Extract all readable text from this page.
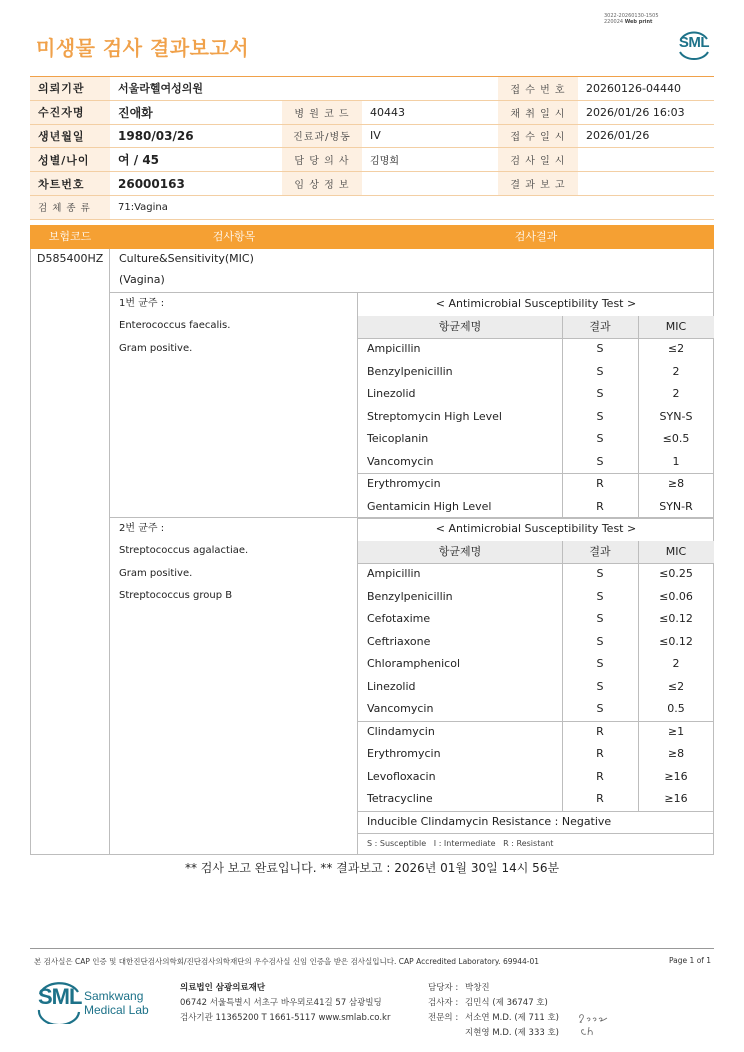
3022-20260130-1505
220024 Web print
미생물 검사 결과보고서	SML
의뢰기관	서울라헬여성의원			접 수 번 호	20260126-04440
수진자명	진애화	병 원 코 드	40443	채 취 일 시	2026/01/26 16:03
생년월일	1980/03/26	진료과/병동	IV	접 수 일 시	2026/01/26
성별/나이	여 / 45	담 당 의 사	김명희	검 사 일 시	
차트번호	26000163	임 상 정 보		결 과 보 고	
검 체 종 류	71:Vagina				
보험코드	검사항목	검사결과
D585400HZ Culture&Sensitivity(MIC)
(Vagina)
1번 균주 :
Enterococcus faecalis.
Gram positive.
2번 균주 :
Streptococcus agalactiae.
Gram positive.
Streptococcus group B
< Antimicrobial Susceptibility Test >
항균제명	결과	MIC
Ampicillin	S	≤2
Benzylpenicillin	S	2
Linezolid	S	2
Streptomycin High Level	S	SYN-S
Teicoplanin	S	≤0.5
Vancomycin	S	1
Erythromycin	R	≥8
Gentamicin High Level	R	SYN-R
< Antimicrobial Susceptibility Test >
항균제명	결과	MIC
Ampicillin	S	≤0.25
Benzylpenicillin	S	≤0.06
Cefotaxime	S	≤0.12
Ceftriaxone	S	≤0.12
Chloramphenicol	S	2
Linezolid	S	≤2
Vancomycin	S	0.5
Clindamycin	R	≥1
Erythromycin	R	≥8
Levofloxacin	R	≥16
Tetracycline	R	≥16
Inducible Clindamycin Resistance : Negative
S : Susceptible   I : Intermediate   R : Resistant
** 검사 보고 완료입니다. ** 결과보고 : 2026년 01월 30일 14시 56분
본 검사실은 CAP 인증 및 대한진단검사의학회/진단검사의학재단의 우수검사실 신임 인증을 받은 검사실입니다. CAP Accredited Laboratory. 69944-01	Page 1 of 1
SML Samkwang
Medical Lab
의료법인 삼광의료재단
06742 서울특별시 서초구 바우뫼로41길 57 삼광빌딩
검사기관 11365200 T 1661-5117 www.smlab.co.kr
담당자 : 박창진
검사자 : 김민식 (제 36747 호)
전문의 : 서소연 M.D. (제 711 호)
지현영 M.D. (제 333 호)
